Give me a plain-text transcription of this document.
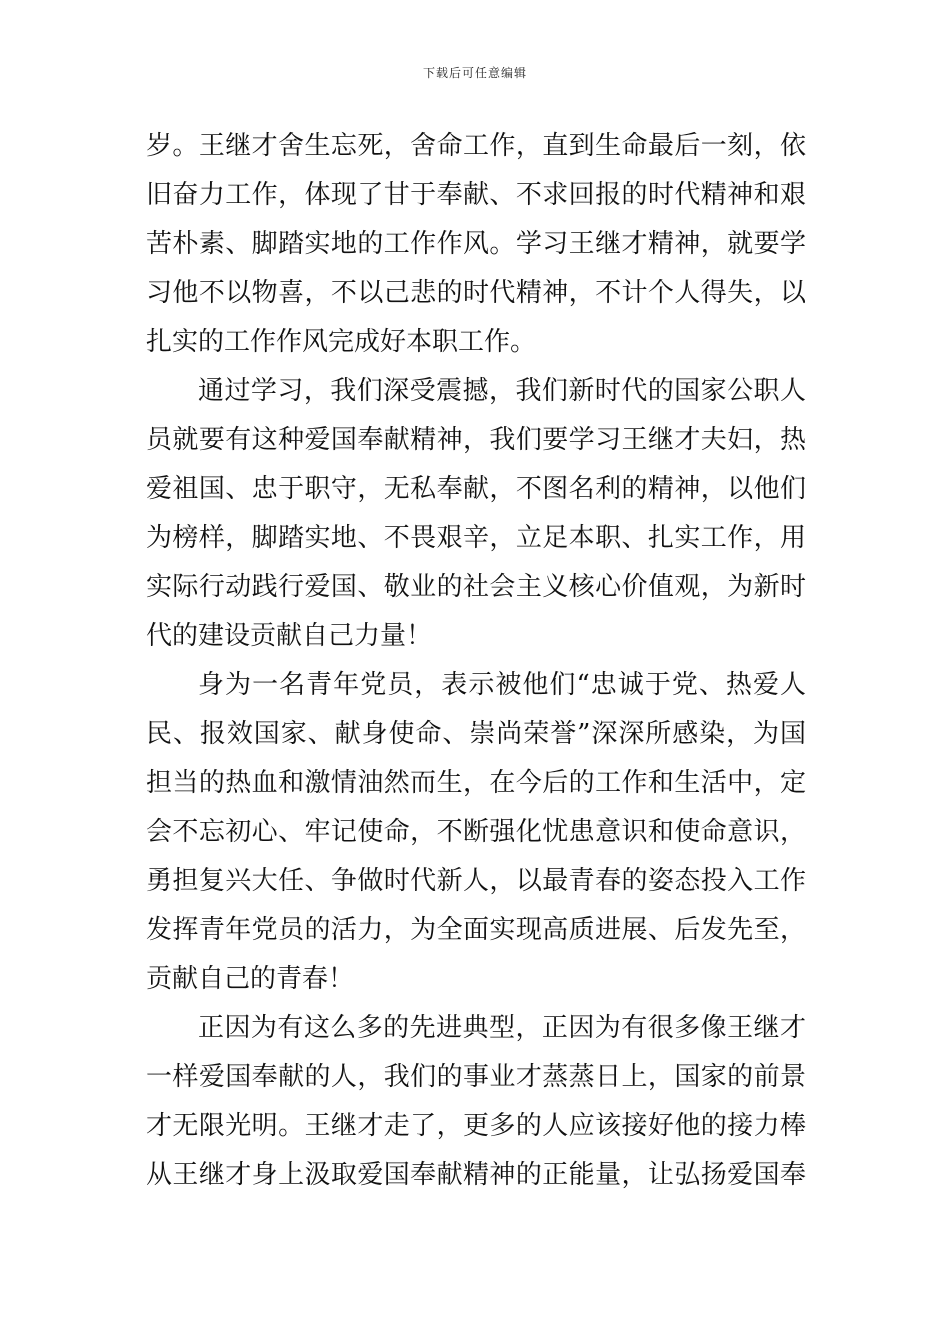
下载后可任意编辑
岁。王继才舍生忘死，舍命工作，直到生命最后一刻，依
旧奋力工作，体现了甘于奉献、不求回报的时代精神和艰
苦朴素、脚踏实地的工作作风。学习王继才精神，就要学
习他不以物喜，不以己悲的时代精神，不计个人得失，以
扎实的工作作风完成好本职工作。
通过学习，我们深受震撼，我们新时代的国家公职人
员就要有这种爱国奉献精神，我们要学习王继才夫妇，热
爱祖国、忠于职守，无私奉献，不图名利的精神，以他们
为榜样，脚踏实地、不畏艰辛，立足本职、扎实工作，用
实际行动践行爱国、敬业的社会主义核心价值观，为新时
代的建设贡献自己力量！
身为一名青年党员，表示被他们“忠诚于党、热爱人
民、报效国家、献身使命、崇尚荣誉”深深所感染，为国
担当的热血和激情油然而生，在今后的工作和生活中，定
会不忘初心、牢记使命，不断强化忧患意识和使命意识，
勇担复兴大任、争做时代新人，以最青春的姿态投入工作
发挥青年党员的活力，为全面实现高质进展、后发先至，
贡献自己的青春！
正因为有这么多的先进典型，正因为有很多像王继才
一样爱国奉献的人，我们的事业才蒸蒸日上，国家的前景
才无限光明。王继才走了，更多的人应该接好他的接力棒
从王继才身上汲取爱国奉献精神的正能量，让弘扬爱国奉
